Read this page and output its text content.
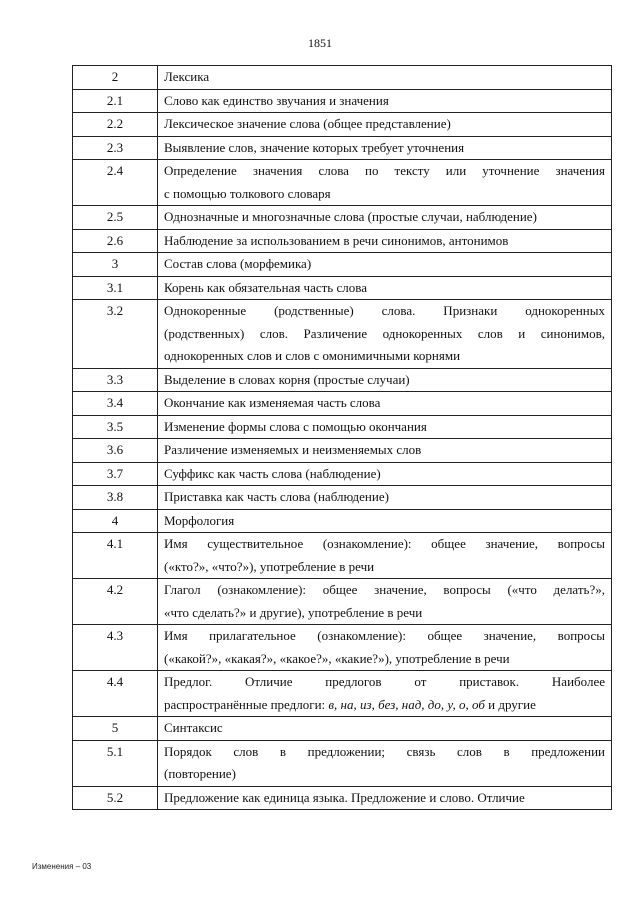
1851
2	Лексика

2.1	Слово как единство звучания и значения

2.2	Лексическое значение слова (общее представление)

2.3	Выявление слов, значение которых требует уточнения

2.4	Определение значения слова по тексту или уточнение значения
с помощью толкового словаря

2.5	Однозначные и многозначные слова (простые случаи, наблюдение)

2.6	Наблюдение за использованием в речи синонимов, антонимов

3	Состав слова (морфемика)

3.1	Корень как обязательная часть слова

3.2	Однокоренные (родственные) слова. Признаки однокоренных
(родственных) слов. Различение однокоренных слов и синонимов,
однокоренных слов и слов с омонимичными корнями

3.3	Выделение в словах корня (простые случаи)

3.4	Окончание как изменяемая часть слова

3.5	Изменение формы слова с помощью окончания

3.6	Различение изменяемых и неизменяемых слов

3.7	Суффикс как часть слова (наблюдение)

3.8	Приставка как часть слова (наблюдение)

4	Морфология

4.1	Имя существительное (ознакомление): общее значение, вопросы
(«кто?», «что?»), употребление в речи

4.2	Глагол (ознакомление): общее значение, вопросы («что делать?»,
«что сделать?» и другие), употребление в речи

4.3	Имя прилагательное (ознакомление): общее значение, вопросы
(«какой?», «какая?», «какое?», «какие?»), употребление в речи

4.4	Предлог. Отличие предлогов от приставок. Наиболее
распространённые предлоги: в, на, из, без, над, до, у, о, об и другие

5	Синтаксис

5.1	Порядок слов в предложении; связь слов в предложении
(повторение)

5.2	Предложение как единица языка. Предложение и слово. Отличие
Изменения – 03
